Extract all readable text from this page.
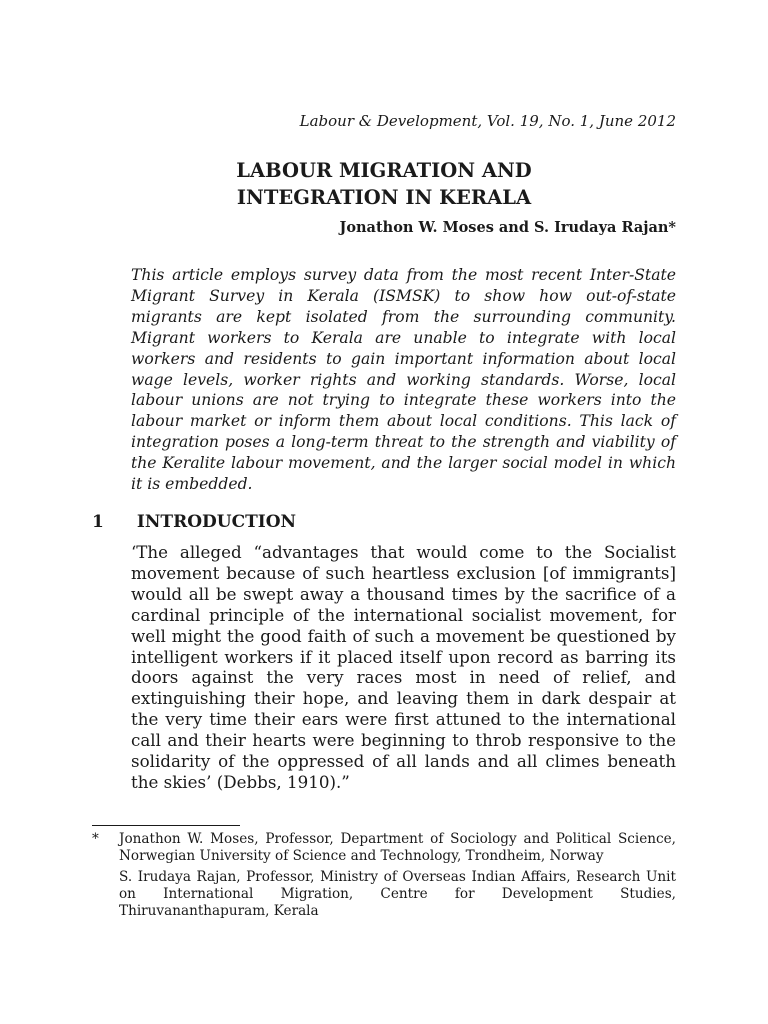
Labour & Development, Vol. 19, No. 1, June 2012
LABOUR MIGRATION AND
INTEGRATION IN KERALA
Jonathon W. Moses and S. Irudaya Rajan*

This article employs survey data from the most recent Inter-State Migrant Survey in Kerala (ISMSK) to show how out-of-state migrants are kept isolated from the surrounding community. Migrant workers to Kerala are unable to integrate with local workers and residents to gain important information about local wage levels, worker rights and working standards. Worse, local labour unions are not trying to integrate these workers into the labour market or inform them about local conditions. This lack of integration poses a long-term threat to the strength and viability of the Keralite labour movement, and the larger social model in which it is embedded.

1 INTRODUCTION

‘The alleged “advantages that would come to the Socialist movement because of such heartless exclusion [of immigrants] would all be swept away a thousand times by the sacrifice of a cardinal principle of the international socialist movement, for well might the good faith of such a movement be questioned by intelligent workers if it placed itself upon record as barring its doors against the very races most in need of relief, and extinguishing their hope, and leaving them in dark despair at the very time their ears were first attuned to the international call and their hearts were beginning to throb responsive to the solidarity of the oppressed of all lands and all climes beneath the skies’ (Debbs, 1910).”

* Jonathon W. Moses, Professor, Department of Sociology and Political Science, Norwegian University of Science and Technology, Trondheim, Norway

S. Irudaya Rajan, Professor, Ministry of Overseas Indian Affairs, Research Unit on International Migration, Centre for Development Studies, Thiruvananthapuram, Kerala
